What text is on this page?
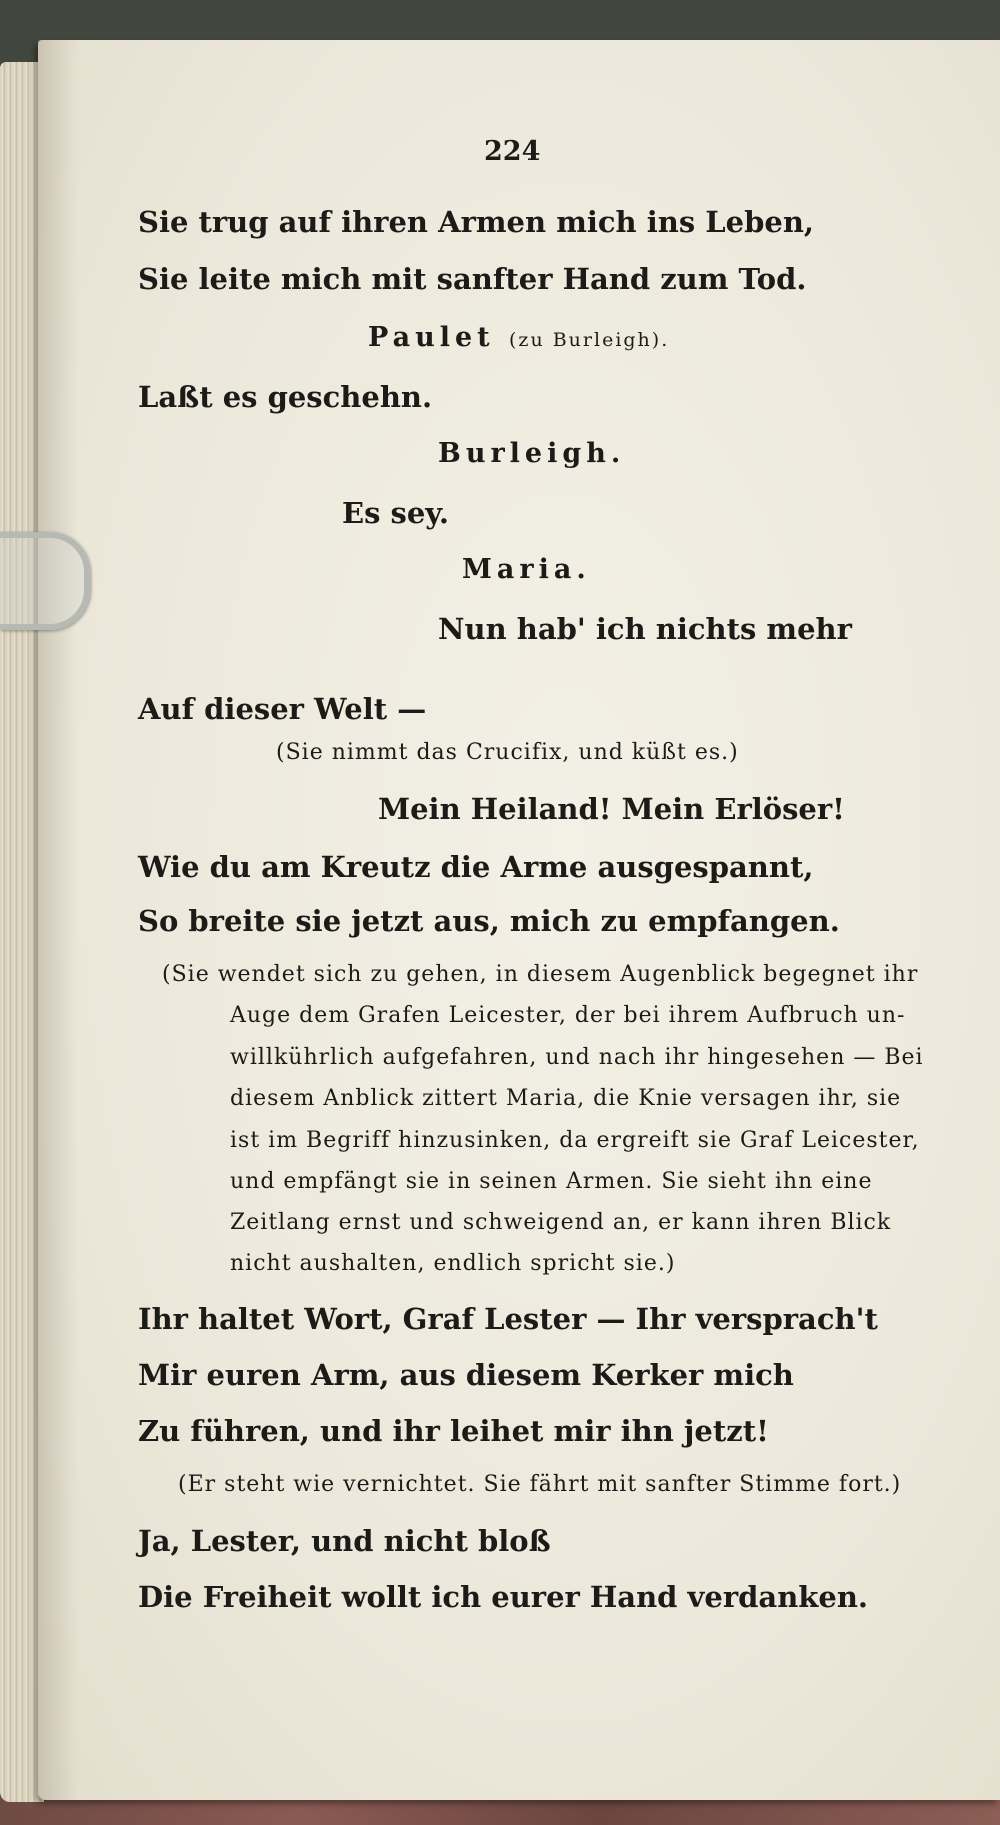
224
Sie trug auf ihren Armen mich ins Leben,
Sie leite mich mit sanfter Hand zum Tod.
Paulet (zu Burleigh).
Laßt es geschehn.
Burleigh.
Es sey.
Maria.
Nun hab' ich nichts mehr
Auf dieser Welt —
(Sie nimmt das Crucifix, und küßt es.)
Mein Heiland! Mein Erlöser!
Wie du am Kreutz die Arme ausgespannt,
So breite sie jetzt aus, mich zu empfangen.
(Sie wendet sich zu gehen, in diesem Augenblick begegnet ihr
Auge dem Grafen Leicester, der bei ihrem Aufbruch un-
willkührlich aufgefahren, und nach ihr hingesehen — Bei
diesem Anblick zittert Maria, die Knie versagen ihr, sie
ist im Begriff hinzusinken, da ergreift sie Graf Leicester,
und empfängt sie in seinen Armen. Sie sieht ihn eine
Zeitlang ernst und schweigend an, er kann ihren Blick
nicht aushalten, endlich spricht sie.)
Ihr haltet Wort, Graf Lester — Ihr versprach't
Mir euren Arm, aus diesem Kerker mich
Zu führen, und ihr leihet mir ihn jetzt!
(Er steht wie vernichtet. Sie fährt mit sanfter Stimme fort.)
Ja, Lester, und nicht bloß
Die Freiheit wollt ich eurer Hand verdanken.
